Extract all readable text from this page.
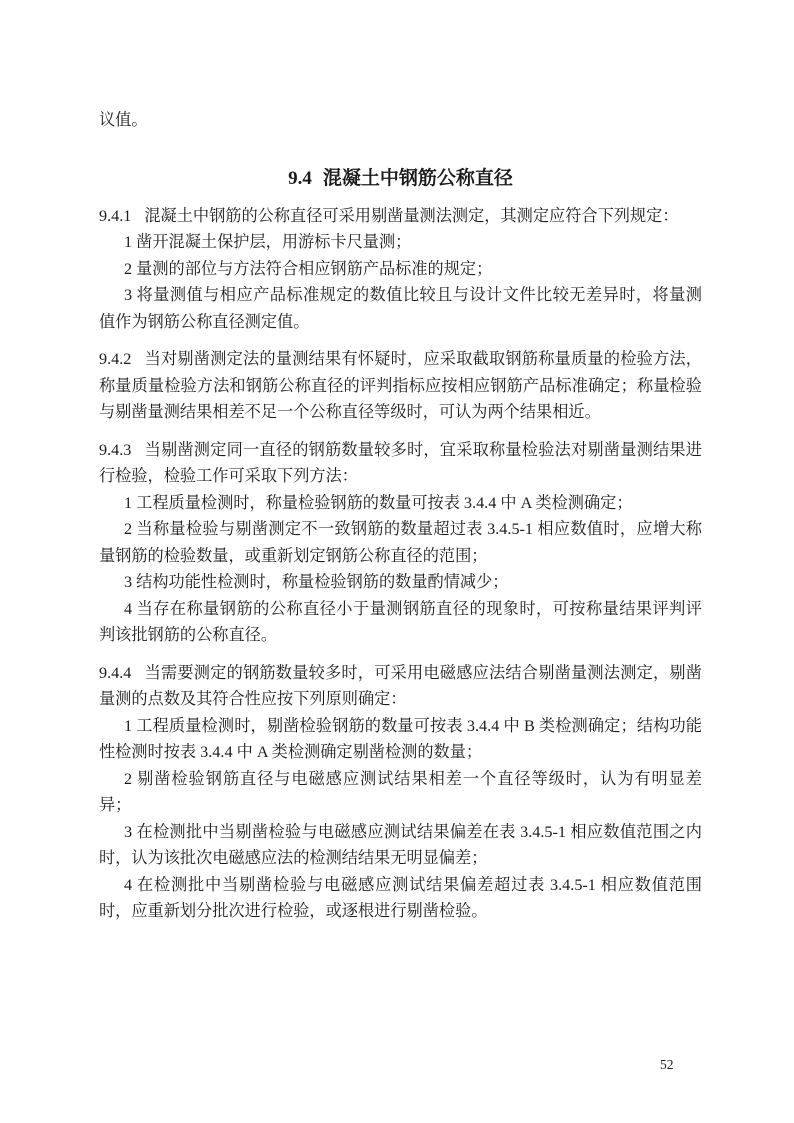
议值。

9.4 混凝土中钢筋公称直径

9.4.1 混凝土中钢筋的公称直径可采用剔凿量测法测定，其测定应符合下列规定：

1 凿开混凝土保护层，用游标卡尺量测；

2 量测的部位与方法符合相应钢筋产品标准的规定；

3 将量测值与相应产品标准规定的数值比较且与设计文件比较无差异时，将量测值作为钢筋公称直径测定值。

9.4.2 当对剔凿测定法的量测结果有怀疑时，应采取截取钢筋称量质量的检验方法，称量质量检验方法和钢筋公称直径的评判指标应按相应钢筋产品标准确定；称量检验与剔凿量测结果相差不足一个公称直径等级时，可认为两个结果相近。

9.4.3 当剔凿测定同一直径的钢筋数量较多时，宜采取称量检验法对剔凿量测结果进行检验，检验工作可采取下列方法：

1 工程质量检测时，称量检验钢筋的数量可按表 3.4.4 中 A 类检测确定；

2 当称量检验与剔凿测定不一致钢筋的数量超过表 3.4.5-1 相应数值时，应增大称量钢筋的检验数量，或重新划定钢筋公称直径的范围；

3 结构功能性检测时，称量检验钢筋的数量酌情减少；

4 当存在称量钢筋的公称直径小于量测钢筋直径的现象时，可按称量结果评判评判该批钢筋的公称直径。

9.4.4 当需要测定的钢筋数量较多时，可采用电磁感应法结合剔凿量测法测定，剔凿量测的点数及其符合性应按下列原则确定：

1 工程质量检测时，剔凿检验钢筋的数量可按表 3.4.4 中 B 类检测确定；结构功能性检测时按表 3.4.4 中 A 类检测确定剔凿检测的数量；

2 剔凿检验钢筋直径与电磁感应测试结果相差一个直径等级时，认为有明显差异；

3 在检测批中当剔凿检验与电磁感应测试结果偏差在表 3.4.5-1 相应数值范围之内时，认为该批次电磁感应法的检测结结果无明显偏差；

4 在检测批中当剔凿检验与电磁感应测试结果偏差超过表 3.4.5-1 相应数值范围时，应重新划分批次进行检验，或逐根进行剔凿检验。

52
